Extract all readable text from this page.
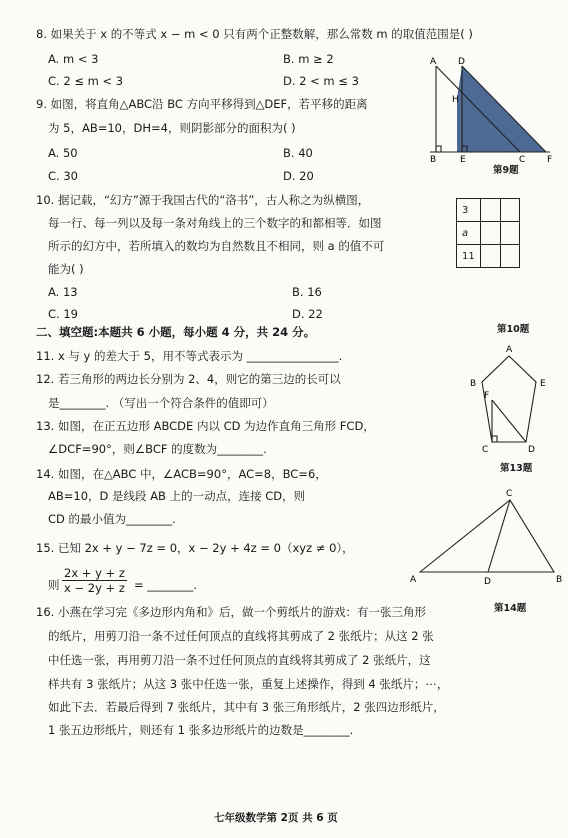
8. 如果关于 x 的不等式 x − m < 0 只有两个正整数解，那么常数 m 的取值范围是( )
A. m < 3	B. m ≥ 2
C. 2 ≤ m < 3	D. 2 < m ≤ 3
9. 如图，将直角△ABC沿 BC 方向平移得到△DEF，若平移的距离
为 5，AB=10，DH=4，则阴影部分的面积为( )
A. 50	B. 40
C. 30	D. 20
A D
H
B	E	C F
第9题
10. 据记载，“幻方”源于我国古代的“洛书”，古人称之为纵横图，
每一行、每一列以及每一条对角线上的三个数字的和都相等．如图
所示的幻方中，若所填入的数均为自然数且不相同，则 a 的值不可
能为( )
A. 13	B. 16
C. 19	D. 22
3		
a		
11		
第10题
二、填空题:本题共 6 小题，每小题 4 分，共 24 分。
11. x 与 y 的差大于 5，用不等式表示为 ________________.
12. 若三角形的两边长分别为 2、4，则它的第三边的长可以
是________. （写出一个符合条件的值即可）
13. 如图，在正五边形 ABCDE 内以 CD 为边作直角三角形 FCD，
∠DCF=90°，则∠BCF 的度数为________.
A
B	E
F
C	D
第13题
14. 如图，在△ABC 中，∠ACB=90°，AC=8，BC=6，
AB=10，D 是线段 AB 上的一动点，连接 CD，则
CD 的最小值为________.
C
A	D	B
第14题
15. 已知 2x + y − 7z = 0，x − 2y + 4z = 0（xyz ≠ 0），
则 $\frac{2x + y + z}{x - 2y + z}$ = ________.
16. 小燕在学习完《多边形内角和》后，做一个剪纸片的游戏：有一张三角形
的纸片，用剪刀沿一条不过任何顶点的直线将其剪成了 2 张纸片；从这 2 张
中任选一张，再用剪刀沿一条不过任何顶点的直线将其剪成了 2 张纸片，这
样共有 3 张纸片；从这 3 张中任选一张，重复上述操作，得到 4 张纸片；⋯，
如此下去．若最后得到 7 张纸片，其中有 3 张三角形纸片，2 张四边形纸片，
1 张五边形纸片，则还有 1 张多边形纸片的边数是________.
七年级数学第 2页 共 6 页
